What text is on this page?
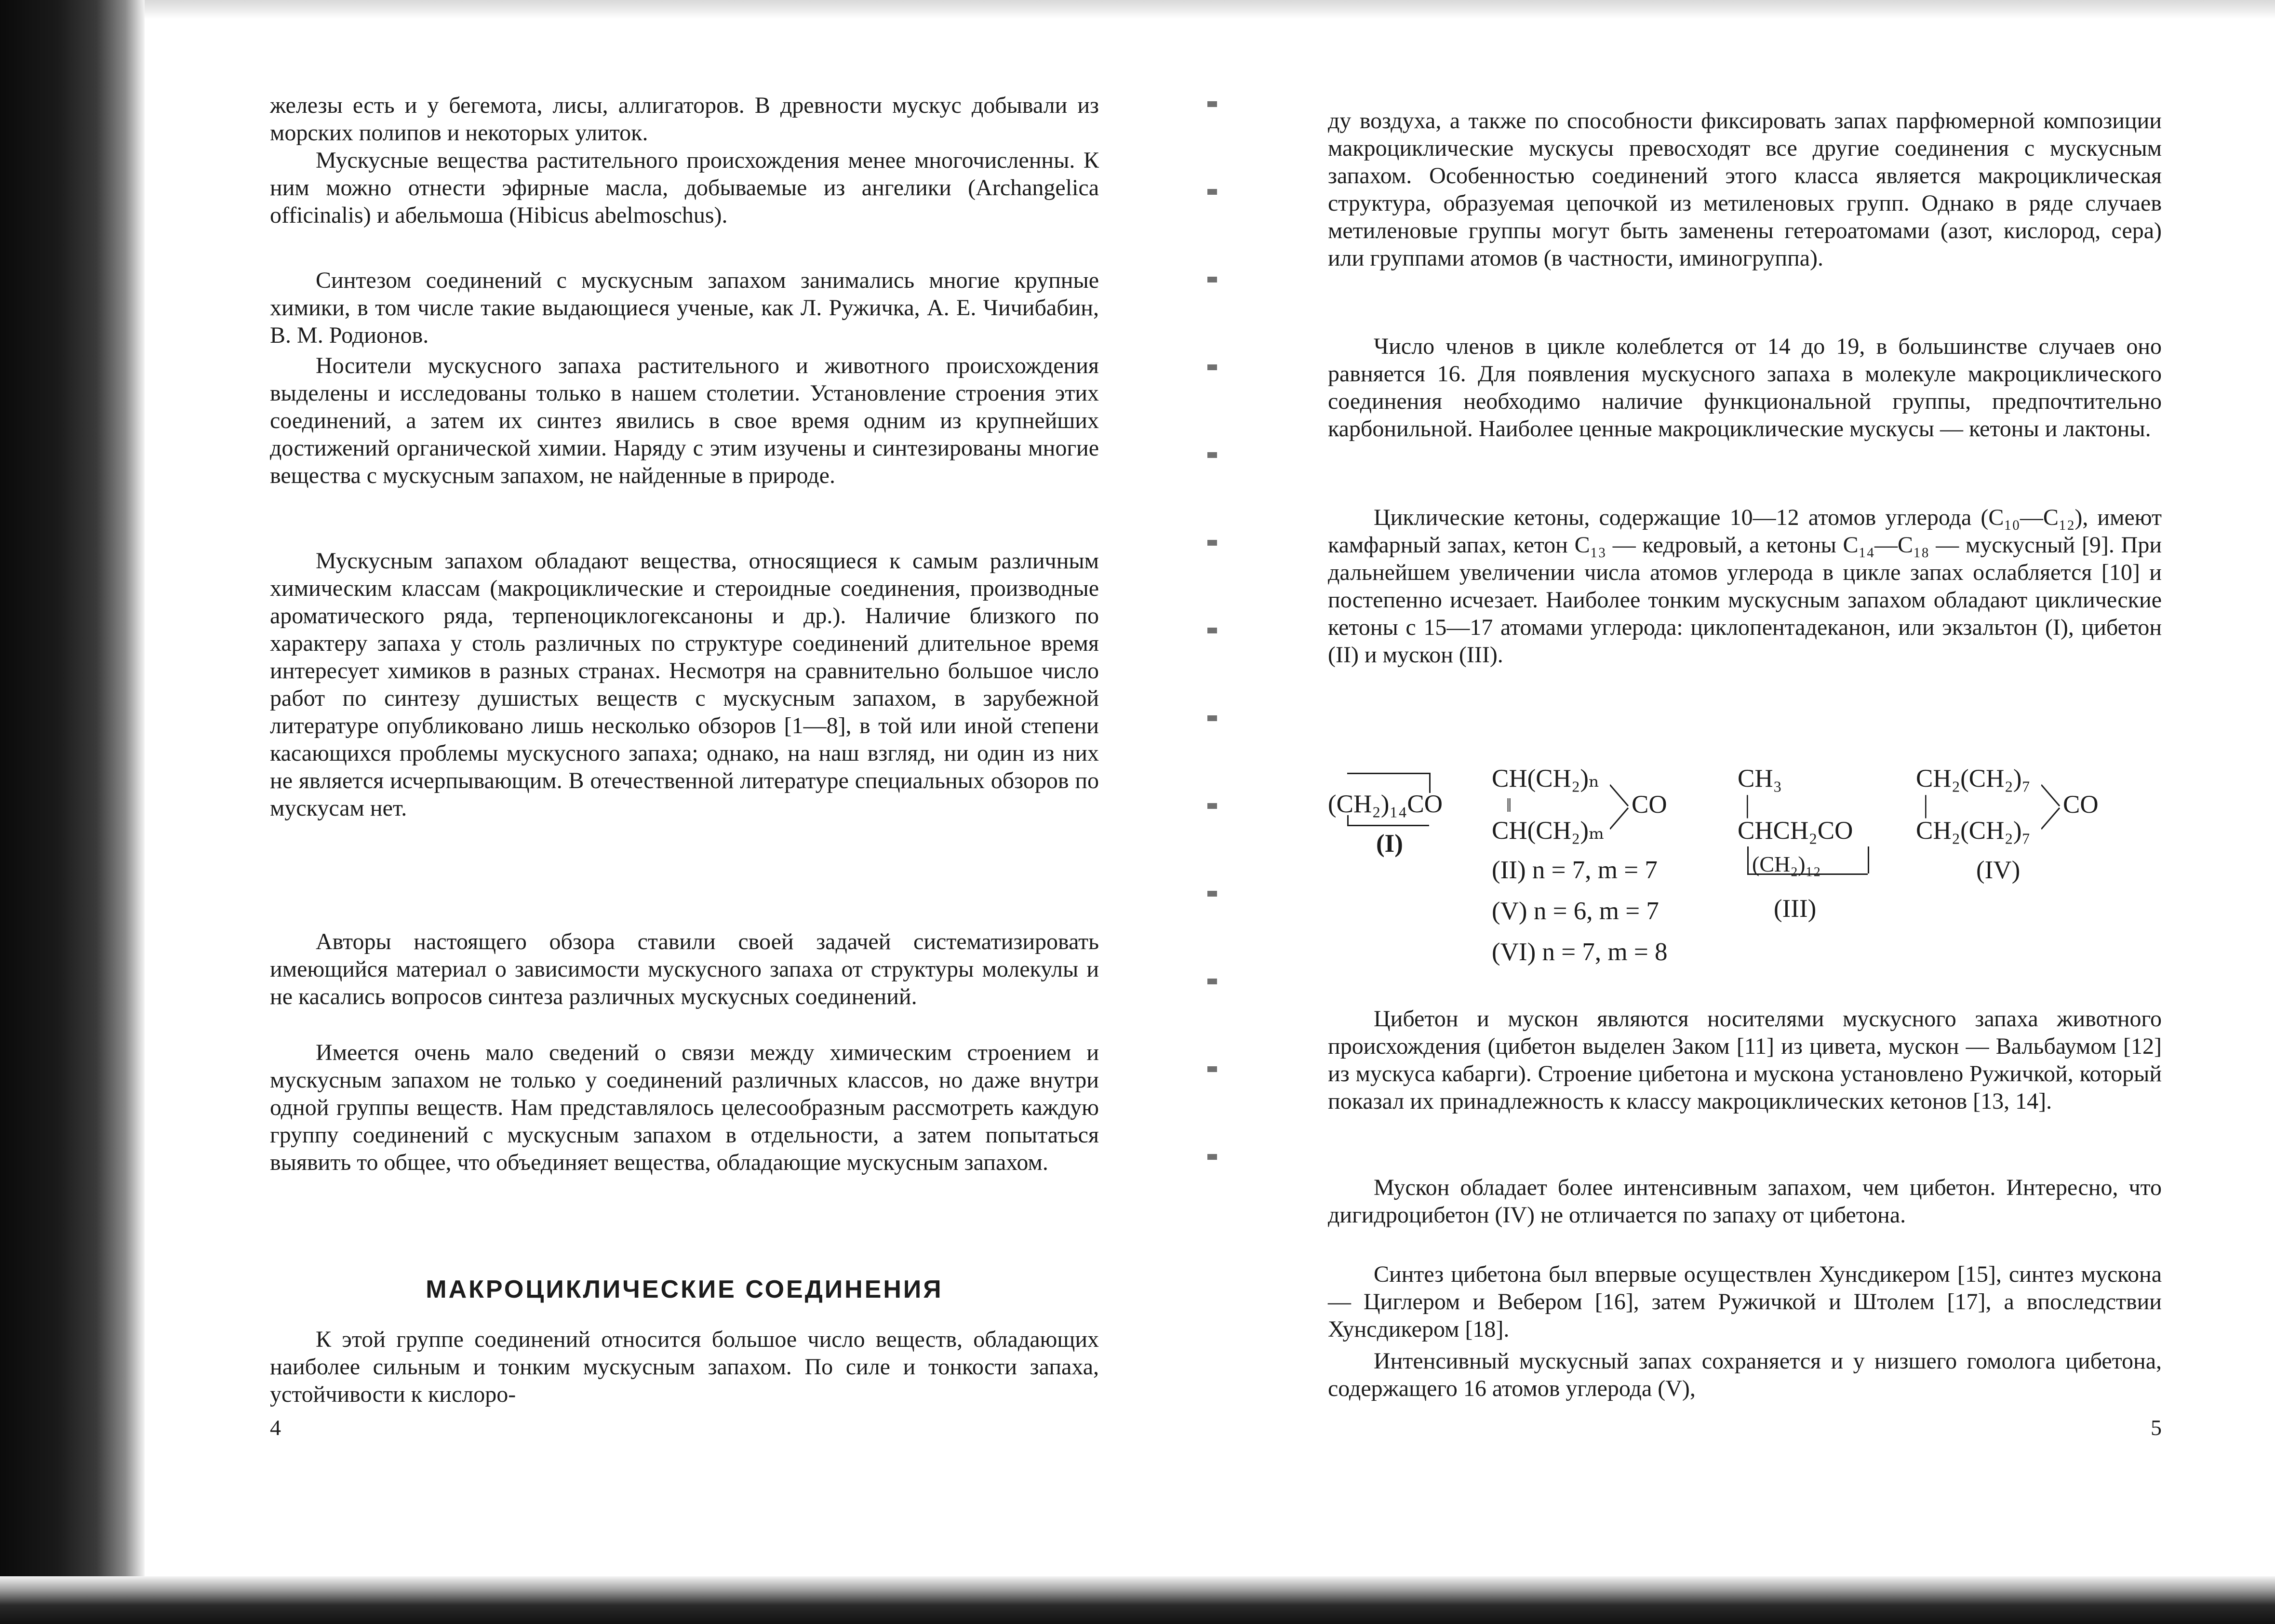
железы есть и у бегемота, лисы, аллигаторов. В древности мускус добывали из морских полипов и некоторых улиток.

Мускусные вещества растительного происхождения менее многочисленны. К ним можно отнести эфирные масла, добываемые из ангелики (Archangelica officinalis) и абельмоша (Hibicus abelmoschus).

Синтезом соединений с мускусным запахом занимались многие крупные химики, в том числе такие выдающиеся ученые, как Л. Ружичка, А. Е. Чичибабин, В. М. Родионов.

Носители мускусного запаха растительного и животного происхождения выделены и исследованы только в нашем столетии. Установление строения этих соединений, а затем их синтез явились в свое время одним из крупнейших достижений органической химии. Наряду с этим изучены и синтезированы многие вещества с мускусным запахом, не найденные в природе.

Мускусным запахом обладают вещества, относящиеся к самым различным химическим классам (макроциклические и стероидные соединения, производные ароматического ряда, терпеноциклогексаноны и др.). Наличие близкого по характеру запаха у столь различных по структуре соединений длительное время интересует химиков в разных странах. Несмотря на сравнительно большое число работ по синтезу душистых веществ с мускусным запахом, в зарубежной литературе опубликовано лишь несколько обзоров [1—8], в той или иной степени касающихся проблемы мускусного запаха; однако, на наш взгляд, ни один из них не является исчерпывающим. В отечественной литературе специальных обзоров по мускусам нет.

Авторы настоящего обзора ставили своей задачей систематизировать имеющийся материал о зависимости мускусного запаха от структуры молекулы и не касались вопросов синтеза различных мускусных соединений.

Имеется очень мало сведений о связи между химическим строением и мускусным запахом не только у соединений различных классов, но даже внутри одной группы веществ. Нам представлялось целесообразным рассмотреть каждую группу соединений с мускусным запахом в отдельности, а затем попытаться выявить то общее, что объединяет вещества, обладающие мускусным запахом.

МАКРОЦИКЛИЧЕСКИЕ СОЕДИНЕНИЯ

К этой группе соединений относится большое число веществ, обладающих наиболее сильным и тонким мускусным запахом. По силе и тонкости запаха, устойчивости к кислоро-

4

ду воздуха, а также по способности фиксировать запах парфюмерной композиции макроциклические мускусы превосходят все другие соединения с мускусным запахом. Особенностью соединений этого класса является макроциклическая структура, образуемая цепочкой из метиленовых групп. Однако в ряде случаев метиленовые группы могут быть заменены гетероатомами (азот, кислород, сера) или группами атомов (в частности, иминогруппа).

Число членов в цикле колеблется от 14 до 19, в большинстве случаев оно равняется 16. Для появления мускусного запаха в молекуле макроциклического соединения необходимо наличие функциональной группы, предпочтительно карбонильной. Наиболее ценные макроциклические мускусы — кетоны и лактоны.

Циклические кетоны, содержащие 10—12 атомов углерода (C₁₀—C₁₂), имеют камфарный запах, кетон C₁₃ — кедровый, а кетоны C₁₄—C₁₈ — мускусный [9]. При дальнейшем увеличении числа атомов углерода в цикле запах ослабляется [10] и постепенно исчезает. Наиболее тонким мускусным запахом обладают циклические кетоны с 15—17 атомами углерода: циклопентадеканон, или экзальтон (I), цибетон (II) и мускон (III).

(CH₂)₁₄CO
(I)
CH(CH₂)ₙ
‖
CH(CH₂)ₘ
CO
(II) n = 7, m = 7
(V) n = 6, m = 7
(VI) n = 7, m = 8
CH₃
|
CHCH₂CO
(CH₂)₁₂
(III)
CH₂(CH₂)₇
|
CH₂(CH₂)₇
CO
(IV)

Цибетон и мускон являются носителями мускусного запаха животного происхождения (цибетон выделен Заком [11] из цивета, мускон — Вальбаумом [12] из мускуса кабарги). Строение цибетона и мускона установлено Ружичкой, который показал их принадлежность к классу макроциклических кетонов [13, 14].

Мускон обладает более интенсивным запахом, чем цибетон. Интересно, что дигидроцибетон (IV) не отличается по запаху от цибетона.

Синтез цибетона был впервые осуществлен Хунсдикером [15], синтез мускона — Циглером и Вебером [16], затем Ружичкой и Штолем [17], а впоследствии Хунсдикером [18].

Интенсивный мускусный запах сохраняется и у низшего гомолога цибетона, содержащего 16 атомов углерода (V),

5
